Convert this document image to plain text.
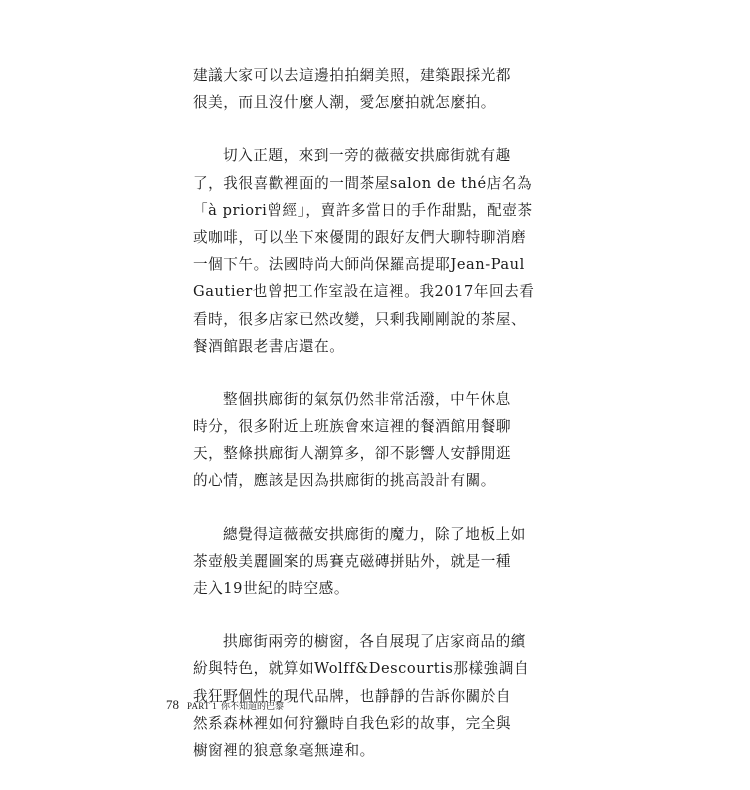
建議大家可以去這邊拍拍網美照，建築跟採光都
很美，而且沒什麼人潮，愛怎麼拍就怎麼拍。

切入正題，來到一旁的薇薇安拱廊街就有趣
了，我很喜歡裡面的一間茶屋salon de thé店名為
「à priori曾經」，賣許多當日的手作甜點，配壺茶
或咖啡，可以坐下來優閒的跟好友們大聊特聊消磨
一個下午。法國時尚大師尚保羅高提耶Jean-Paul
Gautier也曾把工作室設在這裡。我2017年回去看
看時，很多店家已然改變，只剩我剛剛說的茶屋、
餐酒館跟老書店還在。

整個拱廊街的氣氛仍然非常活潑，中午休息
時分，很多附近上班族會來這裡的餐酒館用餐聊
天，整條拱廊街人潮算多，卻不影響人安靜閒逛
的心情，應該是因為拱廊街的挑高設計有關。

總覺得這薇薇安拱廊街的魔力，除了地板上如
茶壺般美麗圖案的馬賽克磁磚拼貼外，就是一種
走入19世紀的時空感。

拱廊街兩旁的櫥窗，各自展現了店家商品的繽
紛與特色，就算如Wolff&Descourtis那樣強調自
我狂野個性的現代品牌，也靜靜的告訴你關於自
然系森林裡如何狩獵時自我色彩的故事，完全與
櫥窗裡的狼意象毫無違和。

78 PART 1 你不知道的巴黎
